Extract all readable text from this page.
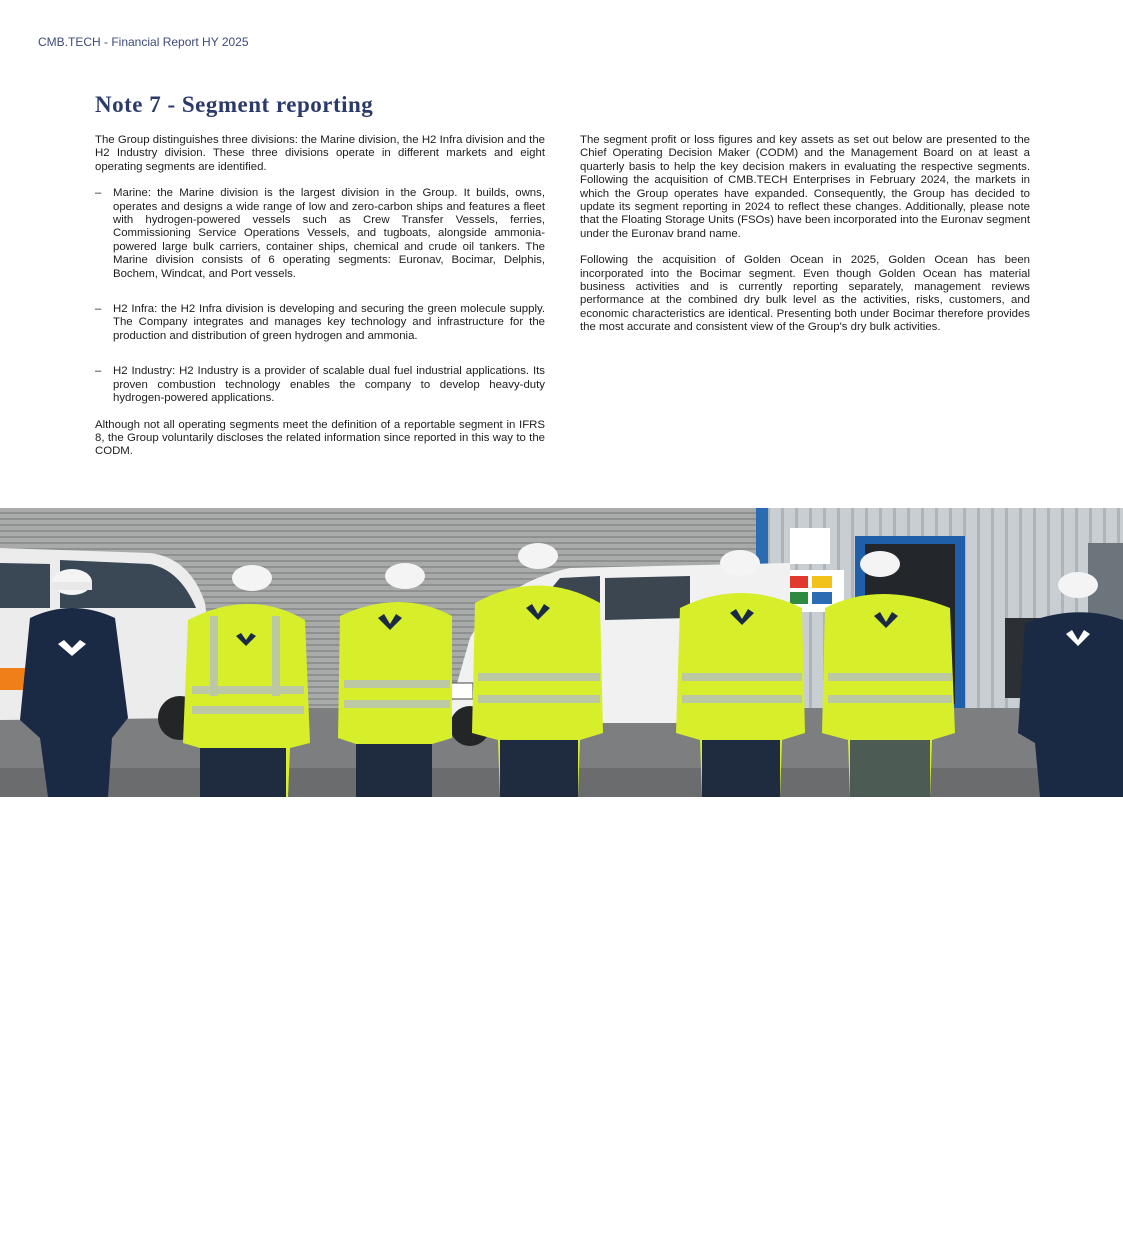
CMB.TECH - Financial Report HY 2025
Note 7 - Segment reporting

The Group distinguishes three divisions: the Marine division, the H2 Infra division and the H2 Industry division. These three divisions operate in different markets and eight operating segments are identified.

– Marine: the Marine division is the largest division in the Group. It builds, owns, operates and designs a wide range of low and zero-carbon ships and features a fleet with hydrogen-powered vessels such as Crew Transfer Vessels, ferries, Commissioning Service Operations Vessels, and tugboats, alongside ammonia-powered large bulk carriers, container ships, chemical and crude oil tankers. The Marine division consists of 6 operating segments: Euronav, Bocimar, Delphis, Bochem, Windcat, and Port vessels.
– H2 Infra: the H2 Infra division is developing and securing the green molecule supply. The Company integrates and manages key technology and infrastructure for the production and distribution of green hydrogen and ammonia.
– H2 Industry: H2 Industry is a provider of scalable dual fuel industrial applications. Its proven combustion technology enables the company to develop heavy-duty hydrogen-powered applications.

Although not all operating segments meet the definition of a reportable segment in IFRS 8, the Group voluntarily discloses the related information since reported in this way to the CODM.

The segment profit or loss figures and key assets as set out below are presented to the Chief Operating Decision Maker (CODM) and the Management Board on at least a quarterly basis to help the key decision makers in evaluating the respective segments. Following the acquisition of CMB.TECH Enterprises in February 2024, the markets in which the Group operates have expanded. Consequently, the Group has decided to update its segment reporting in 2024 to reflect these changes. Additionally, please note that the Floating Storage Units (FSOs) have been incorporated into the Euronav segment under the Euronav brand name.

Following the acquisition of Golden Ocean in 2025, Golden Ocean has been incorporated into the Bocimar segment. Even though Golden Ocean has material business activities and is currently reporting separately, management reviews performance at the combined dry bulk level as the activities, risks, customers, and economic characteristics are identical. Presenting both under Bocimar therefore provides the most accurate and consistent view of the Group's dry bulk activities.

18
